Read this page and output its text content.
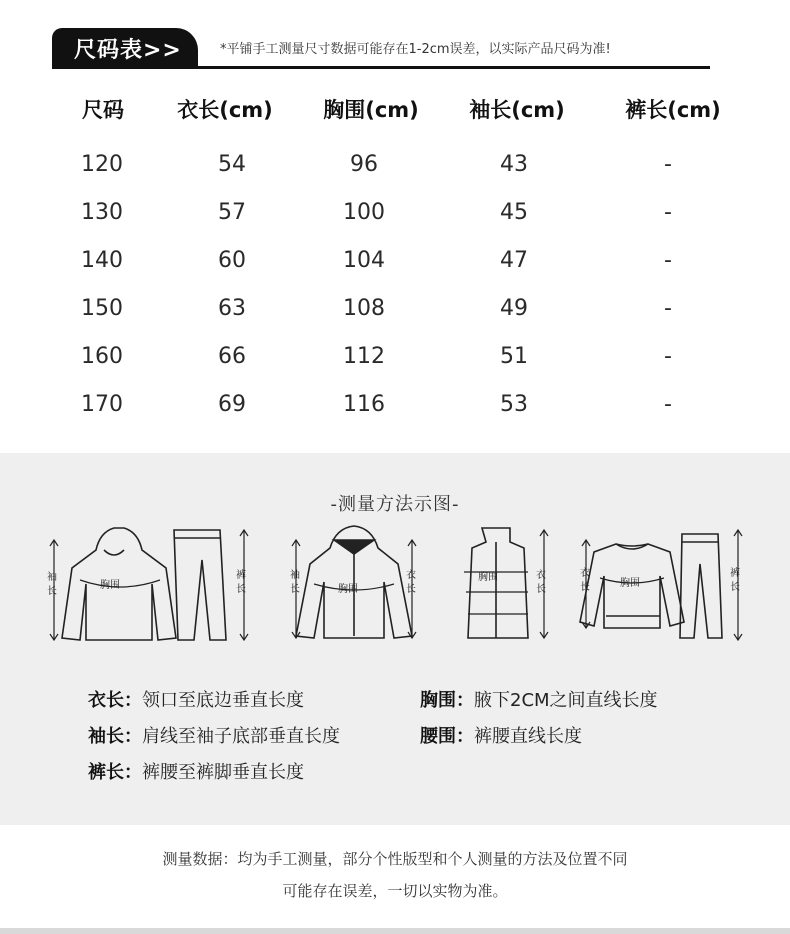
尺码表>>	*平铺手工测量尺寸数据可能存在1-2cm误差，以实际产品尺码为准!
尺码	衣长(cm) 胸围(cm) 袖长(cm)	裤长(cm)
120	54	96	43	-
130	57	100	45	-
140	60	104	47	-
150	63	108	49	-
160	66	112	51	-
170	69	116	53	-
-测量方法示图-
袖长
胸围
裤长
袖长	胸围
衣长
胸围	衣长
衣长	胸围
裤长
衣长：领口至底边垂直长度	胸围：腋下2CM之间直线长度
袖长：肩线至袖子底部垂直长度	腰围：裤腰直线长度
裤长：裤腰至裤脚垂直长度
测量数据：均为手工测量，部分个性版型和个人测量的方法及位置不同
可能存在误差，一切以实物为准。
